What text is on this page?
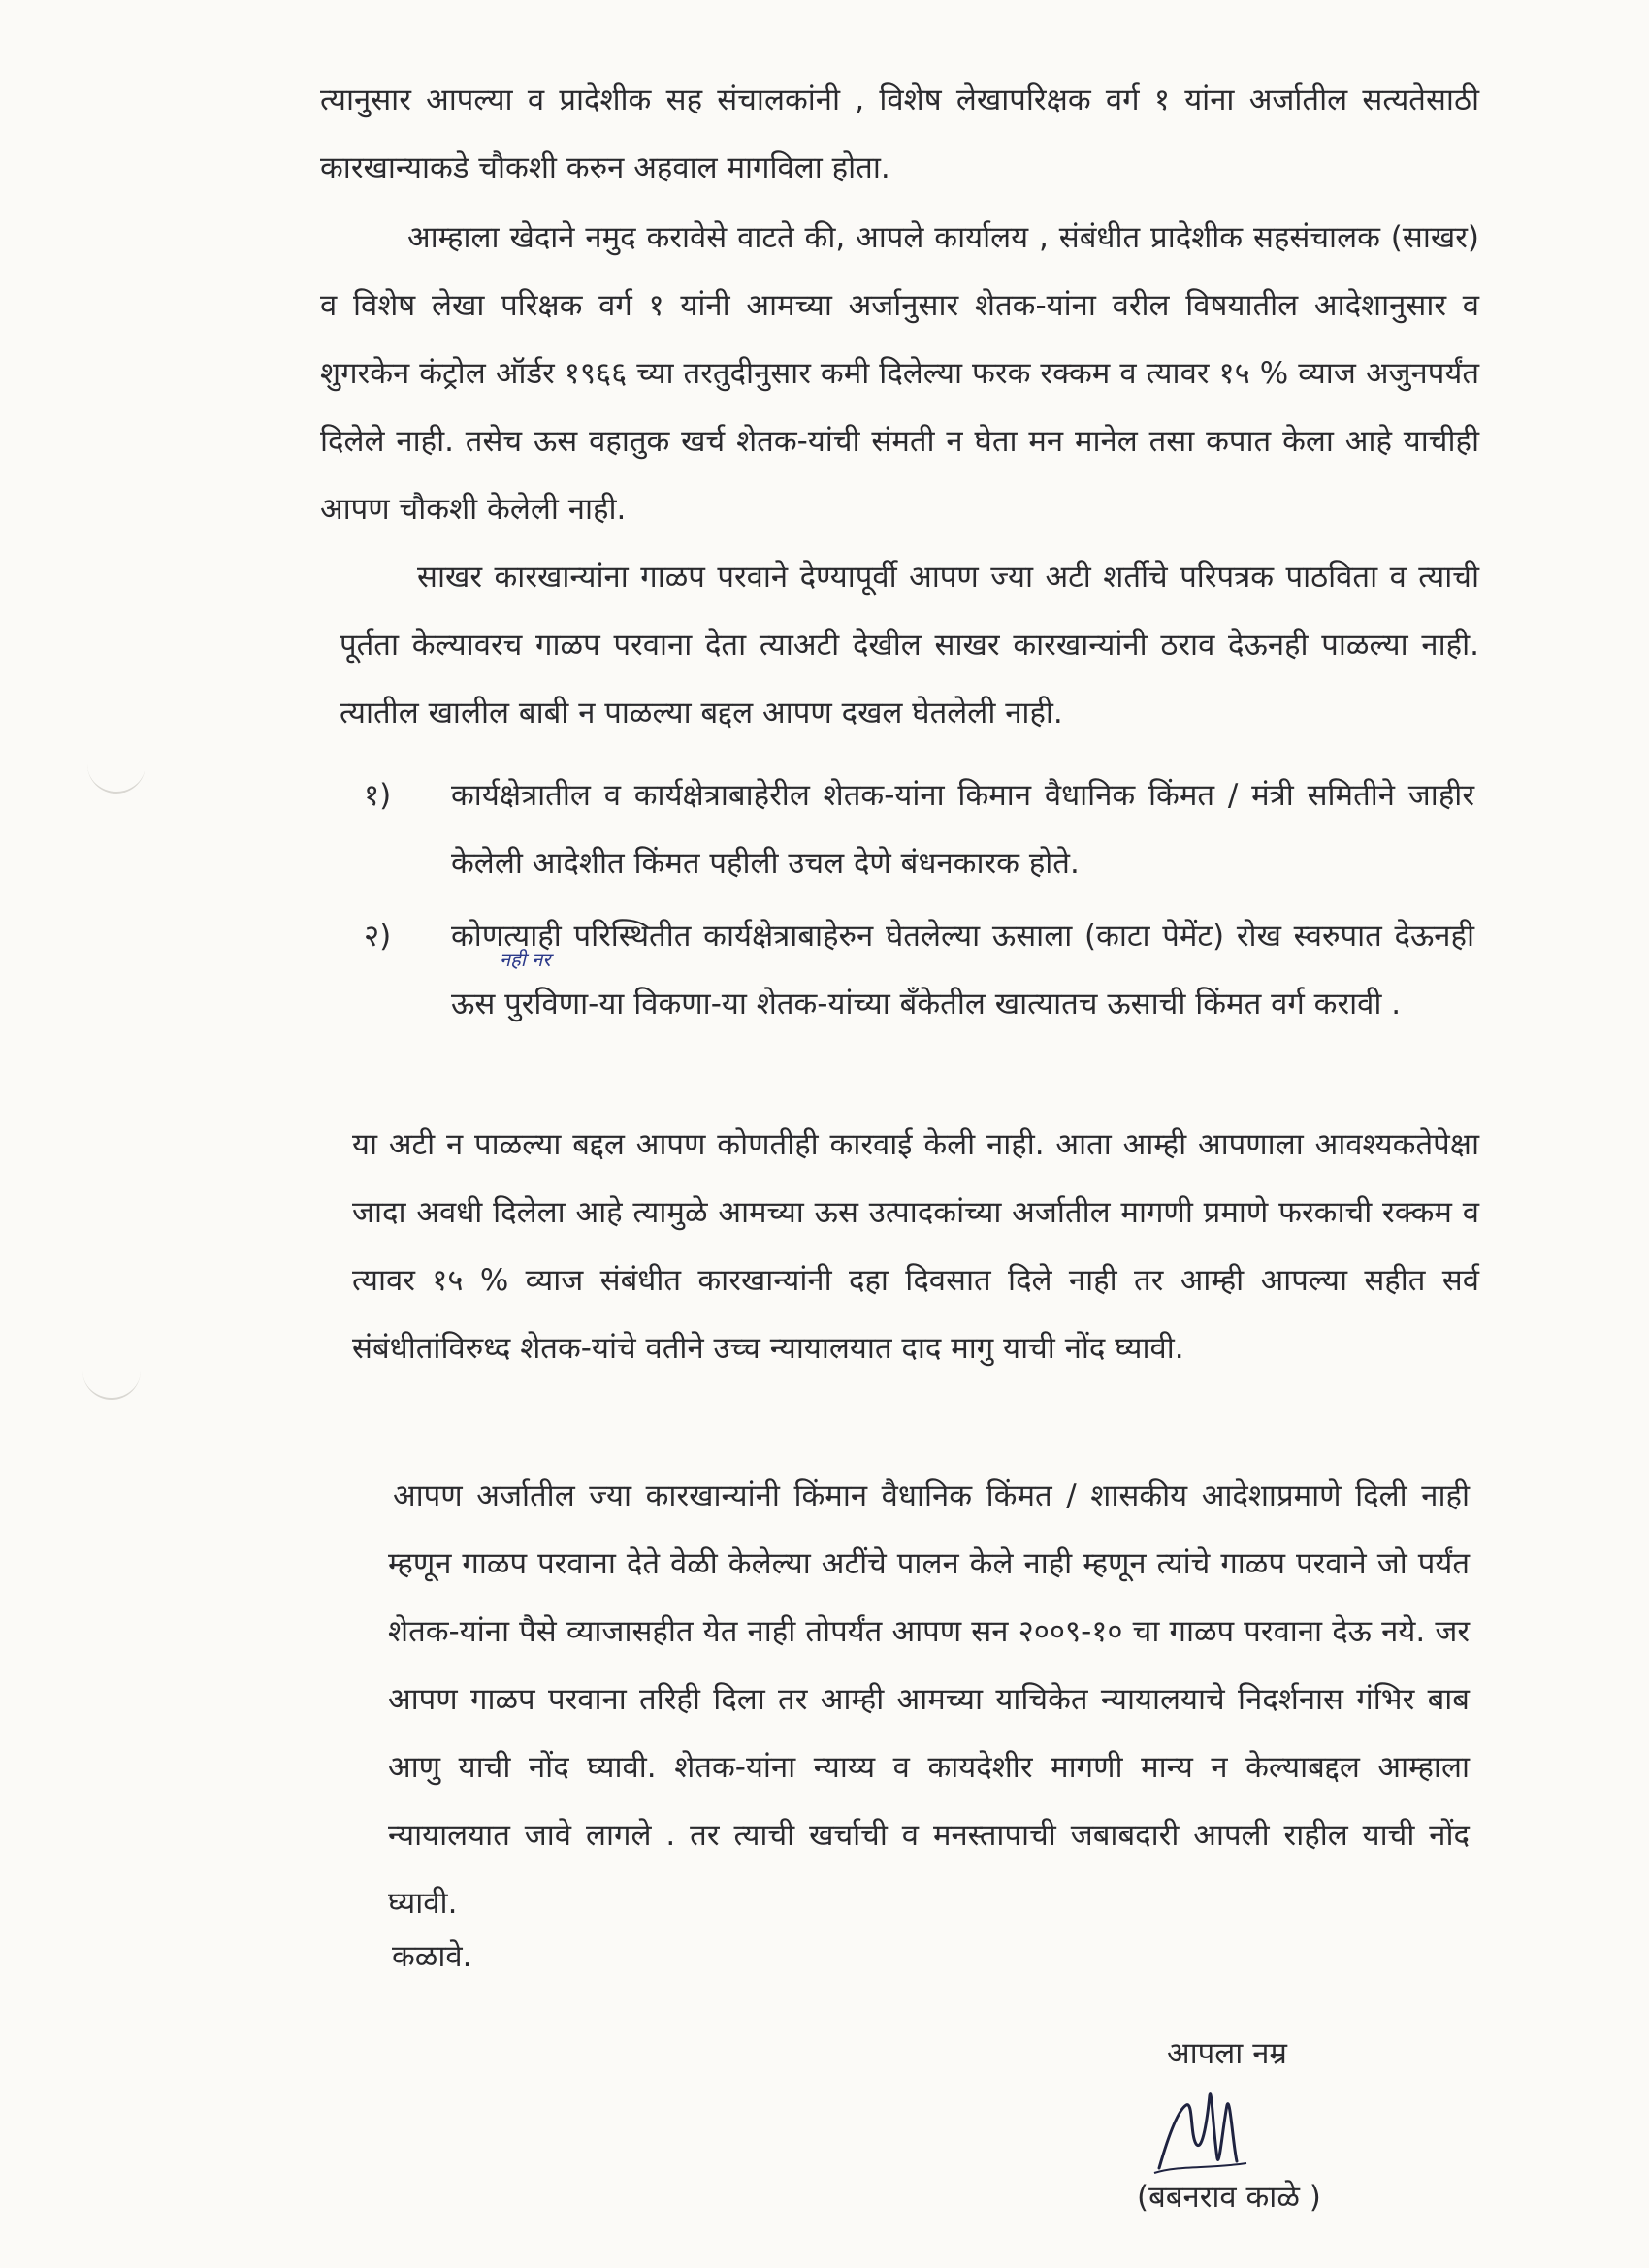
त्यानुसार आपल्या व प्रादेशीक सह संचालकांनी , विशेष लेखापरिक्षक वर्ग १ यांना अर्जातील सत्यतेसाठी कारखान्याकडे चौकशी करुन अहवाल मागविला होता.

आम्हाला खेदाने नमुद करावेसे वाटते की, आपले कार्यालय , संबंधीत प्रादेशीक सहसंचालक (साखर) व विशेष लेखा परिक्षक वर्ग १ यांनी आमच्या अर्जानुसार शेतक-यांना वरील विषयातील आदेशानुसार व शुगरकेन कंट्रोल ऑर्डर १९६६ च्या तरतुदीनुसार कमी दिलेल्या फरक रक्कम व त्यावर १५ % व्याज अजुनपर्यंत दिलेले नाही. तसेच ऊस वहातुक खर्च शेतक-यांची संमती न घेता मन मानेल तसा कपात केला आहे याचीही आपण चौकशी केलेली नाही.

साखर कारखान्यांना गाळप परवाने देण्यापूर्वी आपण ज्या अटी शर्तीचे परिपत्रक पाठविता व त्याची पूर्तता केल्यावरच गाळप परवाना देता त्याअटी देखील साखर कारखान्यांनी ठराव देऊनही पाळल्या नाही. त्यातील खालील बाबी न पाळल्या बद्दल आपण दखल घेतलेली नाही.

१) कार्यक्षेत्रातील व कार्यक्षेत्राबाहेरील शेतक-यांना किमान वैधानिक किंमत / मंत्री समितीने जाहीर केलेली आदेशीत किंमत पहीली उचल देणे बंधनकारक होते.
२) कोणत्याही परिस्थितीत कार्यक्षेत्राबाहेरुन घेतलेल्या ऊसाला (काटा पेमेंट) रोख स्वरुपात देऊनही ऊस पुरविणा-या विकणा-या शेतक-यांच्या बँकेतील खात्यातच ऊसाची किंमत वर्ग करावी .
नही नर

या अटी न पाळल्या बद्दल आपण कोणतीही कारवाई केली नाही. आता आम्ही आपणाला आवश्यकतेपेक्षा जादा अवधी दिलेला आहे त्यामुळे आमच्या ऊस उत्पादकांच्या अर्जातील मागणी प्रमाणे फरकाची रक्कम व त्यावर १५ % व्याज संबंधीत कारखान्यांनी दहा दिवसात दिले नाही तर आम्ही आपल्या सहीत सर्व संबंधीतांविरुध्द शेतक-यांचे वतीने उच्च न्यायालयात दाद मागु याची नोंद घ्यावी.

आपण अर्जातील ज्या कारखान्यांनी किंमान वैधानिक किंमत / शासकीय आदेशाप्रमाणे दिली नाही म्हणून गाळप परवाना देते वेळी केलेल्या अटींचे पालन केले नाही म्हणून त्यांचे गाळप परवाने जो पर्यंत शेतक-यांना पैसे व्याजासहीत येत नाही तोपर्यंत आपण सन २००९-१० चा गाळप परवाना देऊ नये. जर आपण गाळप परवाना तरिही दिला तर आम्ही आमच्या याचिकेत न्यायालयाचे निदर्शनास गंभिर बाब आणु याची नोंद घ्यावी. शेतक-यांना न्याय्य व कायदेशीर मागणी मान्य न केल्याबद्दल आम्हाला न्यायालयात जावे लागले . तर त्याची खर्चाची व मनस्तापाची जबाबदारी आपली राहील याची नोंद घ्यावी.

कळावे.
आपला नम्र
(बबनराव काळे )
